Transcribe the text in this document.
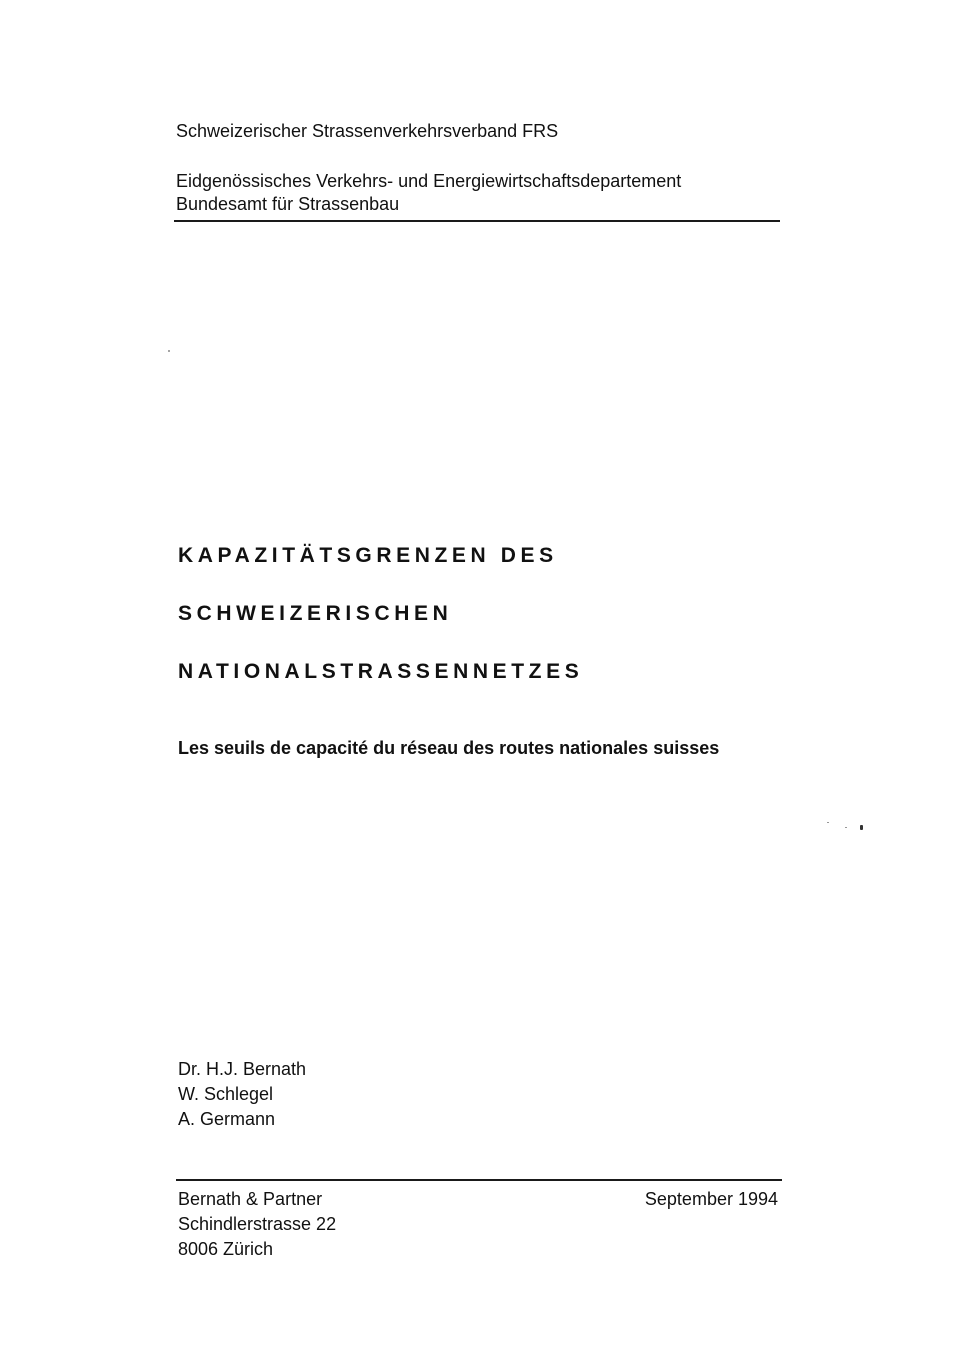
Schweizerischer Strassenverkehrsverband FRS
Eidgenössisches Verkehrs- und Energiewirtschaftsdepartement
Bundesamt für Strassenbau
KAPAZITÄTSGRENZEN DES
SCHWEIZERISCHEN
NATIONALSTRASSENNETZES
Les seuils de capacité du réseau des routes nationales suisses
Dr. H.J. Bernath
W. Schlegel
A. Germann
Bernath & Partner
Schindlerstrasse 22
8006 Zürich
September 1994
